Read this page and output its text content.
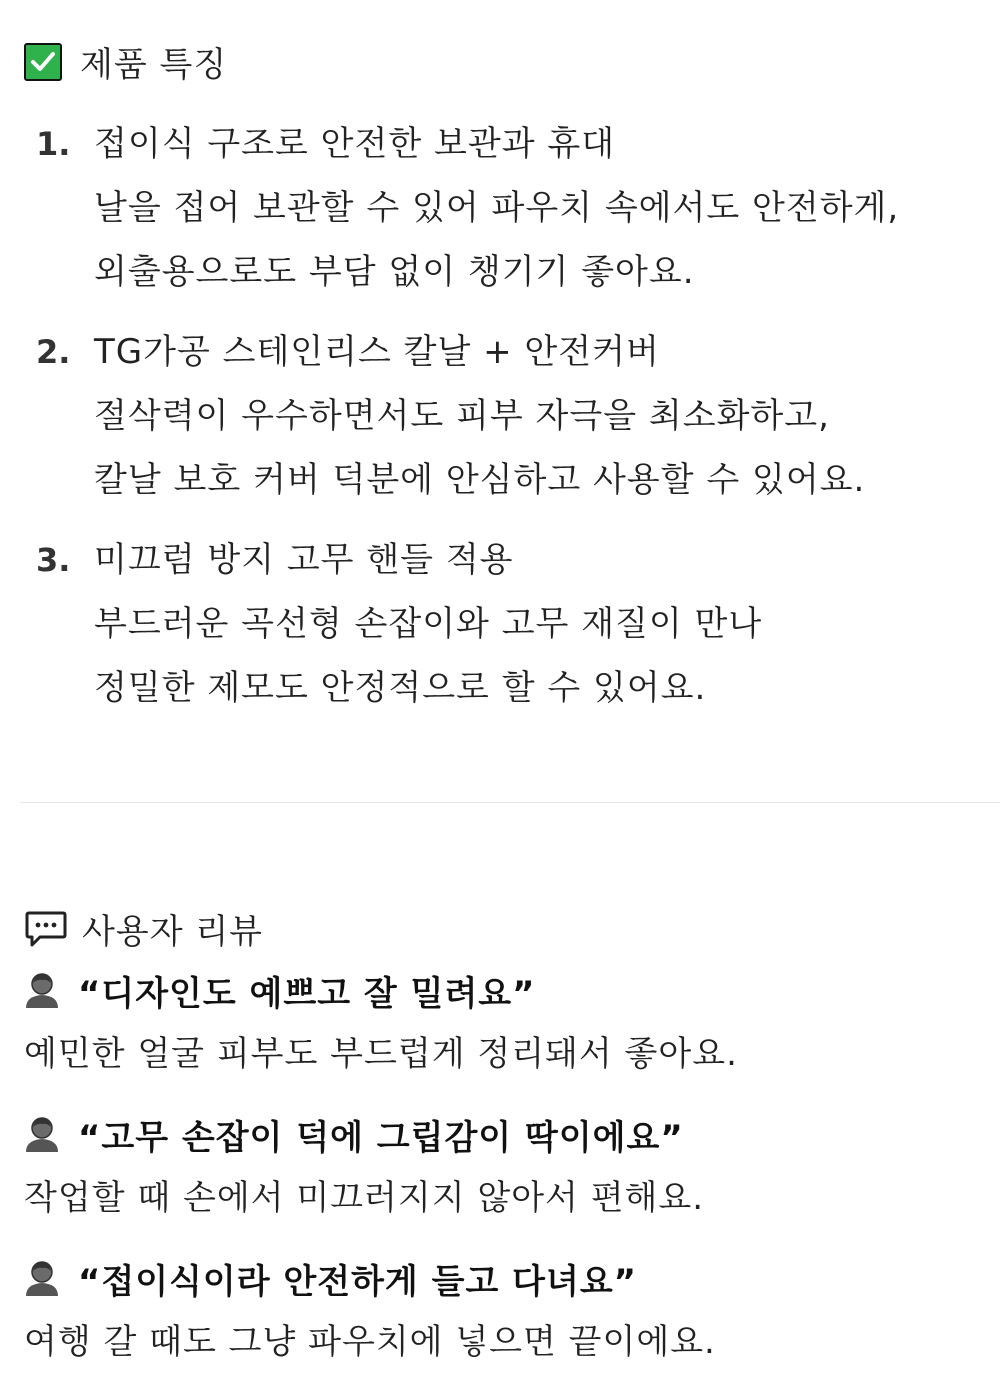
제품 특징
1. 접이식 구조로 안전한 보관과 휴대
날을 접어 보관할 수 있어 파우치 속에서도 안전하게,
외출용으로도 부담 없이 챙기기 좋아요.
2. TG가공 스테인리스 칼날 + 안전커버
절삭력이 우수하면서도 피부 자극을 최소화하고,
칼날 보호 커버 덕분에 안심하고 사용할 수 있어요.
3. 미끄럼 방지 고무 핸들 적용
부드러운 곡선형 손잡이와 고무 재질이 만나
정밀한 제모도 안정적으로 할 수 있어요.
사용자 리뷰
“디자인도 예쁘고 잘 밀려요”
예민한 얼굴 피부도 부드럽게 정리돼서 좋아요.
“고무 손잡이 덕에 그립감이 딱이에요”
작업할 때 손에서 미끄러지지 않아서 편해요.
“접이식이라 안전하게 들고 다녀요”
여행 갈 때도 그냥 파우치에 넣으면 끝이에요.
